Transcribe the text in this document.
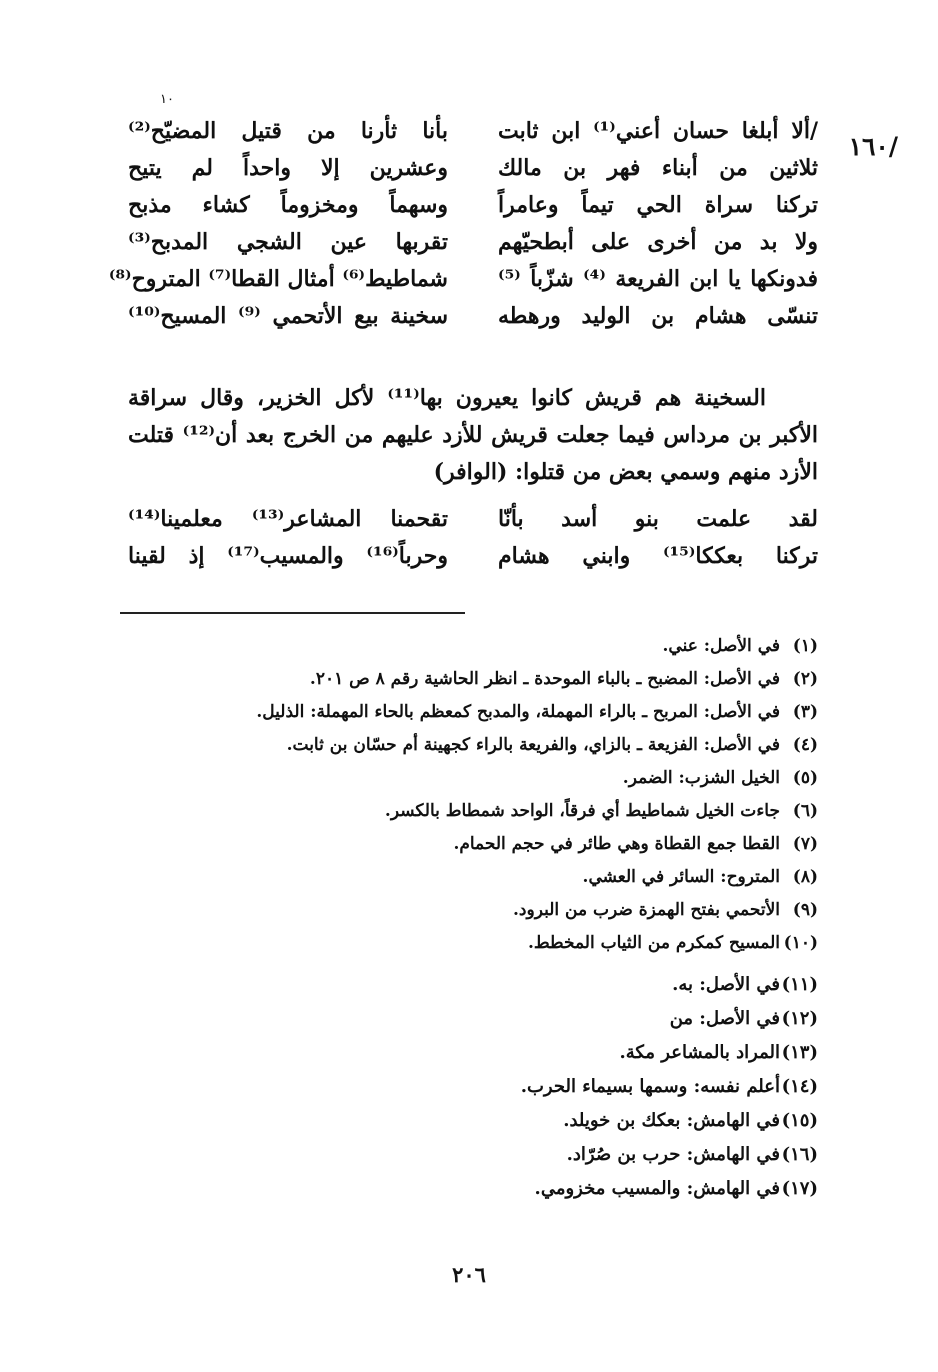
١٠
/١٦٠
/ألا أبلغا حسان أعني⁽¹⁾ ابن ثابت
بأنا ثأرنا من قتيل المضيّح⁽²⁾
ثلاثين من أبناء فهر بن مالك
وعشرين إلا واحداً لم يتيح
تركنا سراة الحي تيماً وعامراً
وسهماً ومخزوماً كشاء مذبح
ولا بد من أخرى على أبطحيّهم
تقربها عين الشجي المدبح⁽³⁾
فدونكها يا ابن الفريعة ⁽⁴⁾ شزّباً ⁽⁵⁾
شماطيط⁽⁶⁾ أمثال القطا⁽⁷⁾ المتروح⁽⁸⁾
تنسّى هشام بن الوليد ورهطه
سخينة بيع الأتحمي ⁽⁹⁾ المسيح⁽¹⁰⁾
السخينة هم قريش كانوا يعيرون بها⁽¹¹⁾ لأكل الخزير، وقال سراقة الأكبر بن مرداس فيما جعلت قريش للأزد عليهم من الخرج بعد أن⁽¹²⁾ قتلت الأزد منهم وسمي بعض من قتلوا: (الوافر)
لقد علمت بنو أسد بأنّا
تقحمنا المشاعر⁽¹³⁾ معلمينا⁽¹⁴⁾
تركنا بعككا⁽¹⁵⁾ وابني هشام
وحرباً⁽¹⁶⁾ والمسيب⁽¹⁷⁾ إذ لقينا
(١)في الأصل: عني.
(٢)في الأصل: المضبح ـ بالباء الموحدة ـ انظر الحاشية رقم ٨ ص ٢٠١.
(٣)في الأصل: المربح ـ بالراء المهملة، والمدبح كمعظم بالحاء المهملة: الذليل.
(٤)في الأصل: الفزيعة ـ بالزاي، والفريعة بالراء كجهينة أم حسّان بن ثابت.
(٥)الخيل الشزب: الضمر.
(٦)جاءت الخيل شماطيط أي فرقاً، الواحد شمطاط بالكسر.
(٧)القطا جمع القطاة وهي طائر في حجم الحمام.
(٨)المتروح: السائر في العشي.
(٩)الأتحمي بفتح الهمزة ضرب من البرود.
(١٠)المسيح كمكرم من الثياب المخطط.
(١١)في الأصل: به.
(١٢)في الأصل: من
(١٣)المراد بالمشاعر مكة.
(١٤)أعلم نفسه: وسمها بسيماء الحرب.
(١٥)في الهامش: بعكك بن خويلد.
(١٦)في الهامش: حرب بن صُرّاد.
(١٧)في الهامش: والمسيب مخزومي.
٢٠٦
